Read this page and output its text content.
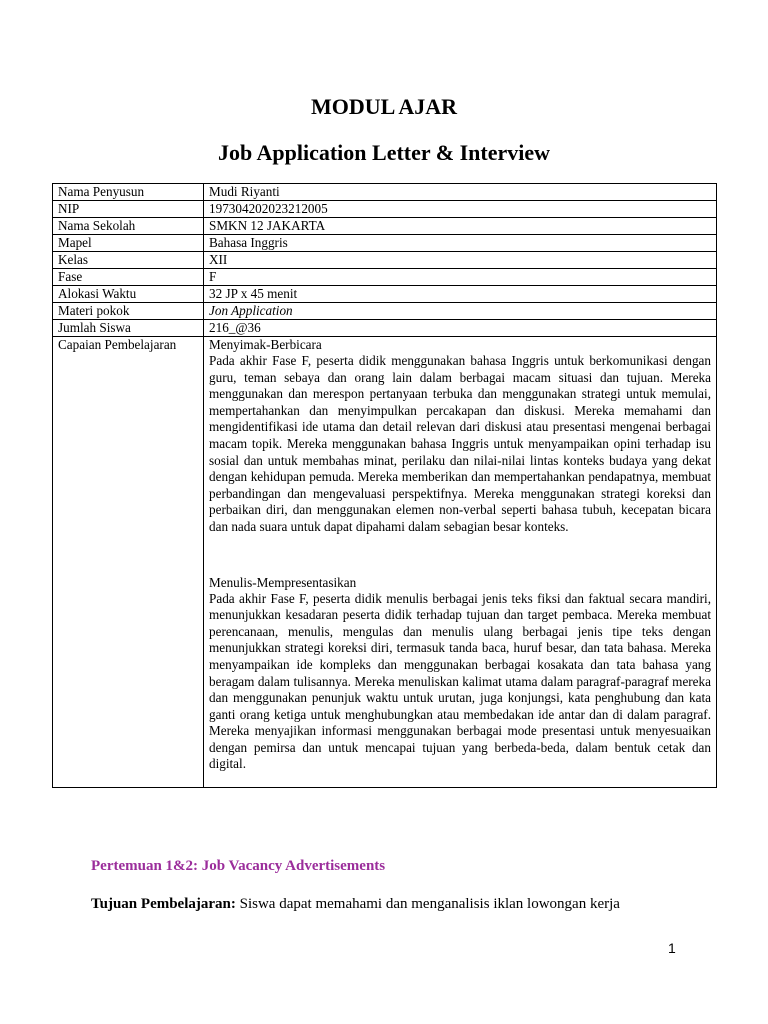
MODUL AJAR
Job Application Letter & Interview
Nama Penyusun	Mudi Riyanti
NIP	197304202023212005
Nama Sekolah	SMKN 12 JAKARTA
Mapel	Bahasa Inggris
Kelas	XII
Fase	F
Alokasi Waktu	32 JP x 45 menit
Materi pokok	Jon Application
Jumlah Siswa	216_@36
Capaian Pembelajaran	Menyimak-Berbicara

Pada akhir Fase F, peserta didik menggunakan bahasa Inggris untuk berkomunikasi dengan guru, teman sebaya dan orang lain dalam berbagai macam situasi dan tujuan. Mereka menggunakan dan merespon pertanyaan terbuka dan menggunakan strategi untuk memulai, mempertahankan dan menyimpulkan percakapan dan diskusi. Mereka memahami dan mengidentifikasi ide utama dan detail relevan dari diskusi atau presentasi mengenai berbagai macam topik. Mereka menggunakan bahasa Inggris untuk menyampaikan opini terhadap isu sosial dan untuk membahas minat, perilaku dan nilai-nilai lintas konteks budaya yang dekat dengan kehidupan pemuda. Mereka memberikan dan mempertahankan pendapatnya, membuat perbandingan dan mengevaluasi perspektifnya. Mereka menggunakan strategi koreksi dan perbaikan diri, dan menggunakan elemen non-verbal seperti bahasa tubuh, kecepatan bicara dan nada suara untuk dapat dipahami dalam sebagian besar konteks.

Menulis-Mempresentasikan

Pada akhir Fase F, peserta didik menulis berbagai jenis teks fiksi dan faktual secara mandiri, menunjukkan kesadaran peserta didik terhadap tujuan dan target pembaca. Mereka membuat perencanaan, menulis, mengulas dan menulis ulang berbagai jenis tipe teks dengan menunjukkan strategi koreksi diri, termasuk tanda baca, huruf besar, dan tata bahasa. Mereka menyampaikan ide kompleks dan menggunakan berbagai kosakata dan tata bahasa yang beragam dalam tulisannya. Mereka menuliskan kalimat utama dalam paragraf-paragraf mereka dan menggunakan penunjuk waktu untuk urutan, juga konjungsi, kata penghubung dan kata ganti orang ketiga untuk menghubungkan atau membedakan ide antar dan di dalam paragraf. Mereka menyajikan informasi menggunakan berbagai mode presentasi untuk menyesuaikan dengan pemirsa dan untuk mencapai tujuan yang berbeda-beda, dalam bentuk cetak dan digital.

Pertemuan 1&2: Job Vacancy Advertisements

Tujuan Pembelajaran: Siswa dapat memahami dan menganalisis iklan lowongan kerja

1
